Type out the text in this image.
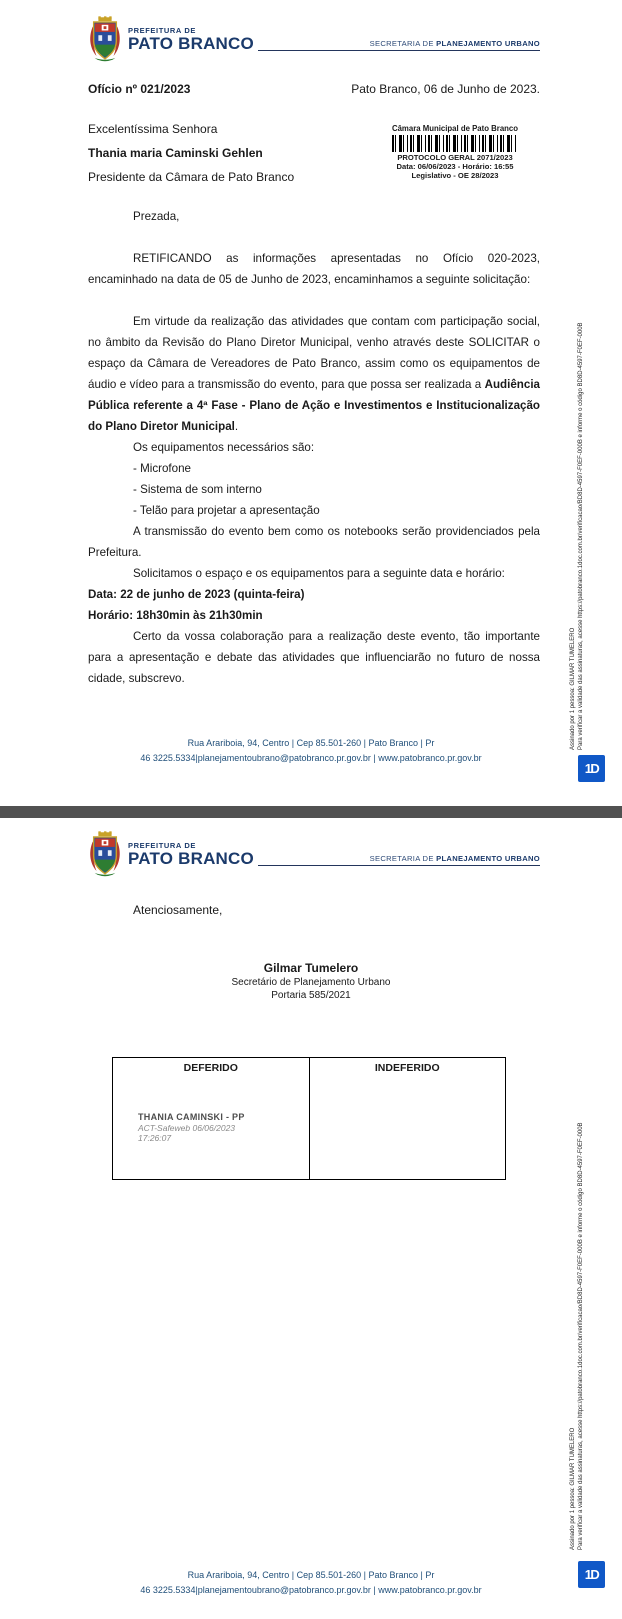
PREFEITURA DE
PATO BRANCO	SECRETARIA DE PLANEJAMENTO URBANO
Ofício nº 021/2023	Pato Branco, 06 de Junho de 2023.
Excelentíssima Senhora
Thania maria Caminski Gehlen
Presidente da Câmara de Pato Branco
Câmara Municipal de Pato Branco
PROTOCOLO GERAL 2071/2023
Data: 06/06/2023 - Horário: 16:55
Legislativo - OE 28/2023

Prezada,

RETIFICANDO as informações apresentadas no Ofício 020-2023, encaminhado na data de 05 de Junho de 2023, encaminhamos a seguinte solicitação:

Em virtude da realização das atividades que contam com participação social, no âmbito da Revisão do Plano Diretor Municipal, venho através deste SOLICITAR o espaço da Câmara de Vereadores de Pato Branco, assim como os equipamentos de áudio e vídeo para a transmissão do evento, para que possa ser realizada a Audiência Pública referente a 4ª Fase - Plano de Ação e Investimentos e Institucionalização do Plano Diretor Municipal.

Os equipamentos necessários são:

- Microfone

- Sistema de som interno

- Telão para projetar a apresentação

A transmissão do evento bem como os notebooks serão providenciados pela Prefeitura.

Solicitamos o espaço e os equipamentos para a seguinte data e horário:

Data: 22 de junho de 2023 (quinta-feira)

Horário: 18h30min às 21h30min

Certo da vossa colaboração para a realização deste evento, tão importante para a apresentação e debate das atividades que influenciarão no futuro de nossa cidade, subscrevo.

Rua Arariboia, 94, Centro | Cep 85.501-260 | Pato Branco | Pr
46 3225.5334|planejamentoubrano@patobranco.pr.gov.br | www.patobranco.pr.gov.br
Assinado por 1 pessoa: GILMAR TUMELERO Para verificar a validade das assinaturas, acesse https://patobranco.1doc.com.br/verificacao/BD8D-4597-F0EF-000B e informe o código BD8D-4597-F0EF-000B
1D
PREFEITURA DE
PATO BRANCO	SECRETARIA DE PLANEJAMENTO URBANO
Atenciosamente,
Gilmar Tumelero
Secretário de Planejamento Urbano
Portaria 585/2021
DEFERIDO
THANIA CAMINSKI - PP
ACT-Safeweb 06/06/2023
17:26:07
INDEFERIDO
Rua Arariboia, 94, Centro | Cep 85.501-260 | Pato Branco | Pr
46 3225.5334|planejamentoubrano@patobranco.pr.gov.br | www.patobranco.pr.gov.br
Assinado por 1 pessoa: GILMAR TUMELERO Para verificar a validade das assinaturas, acesse https://patobranco.1doc.com.br/verificacao/BD8D-4597-F0EF-000B e informe o código BD8D-4597-F0EF-000B
1D
